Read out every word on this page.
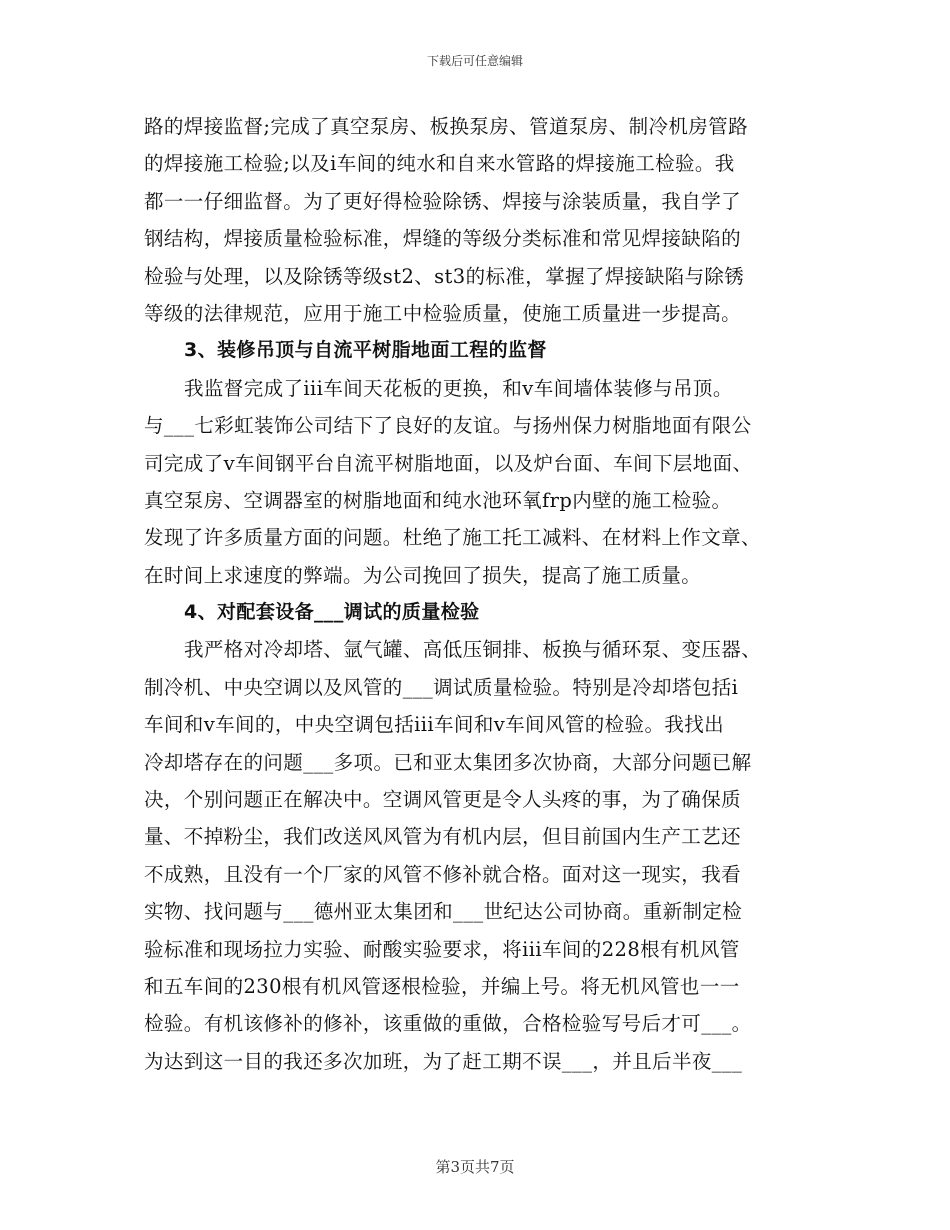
下载后可任意编辑
路的焊接监督;完成了真空泵房、板换泵房、管道泵房、制冷机房管路
的焊接施工检验;以及i车间的纯水和自来水管路的焊接施工检验。我
都一一仔细监督。为了更好得检验除锈、焊接与涂装质量，我自学了
钢结构，焊接质量检验标准，焊缝的等级分类标准和常见焊接缺陷的
检验与处理，以及除锈等级st2、st3的标准，掌握了焊接缺陷与除锈
等级的法律规范，应用于施工中检验质量，使施工质量进一步提高。
3、装修吊顶与自流平树脂地面工程的监督
我监督完成了iii车间天花板的更换，和v车间墙体装修与吊顶。
与___七彩虹装饰公司结下了良好的友谊。与扬州保力树脂地面有限公
司完成了v车间钢平台自流平树脂地面，以及炉台面、车间下层地面、
真空泵房、空调器室的树脂地面和纯水池环氧frp内壁的施工检验。
发现了许多质量方面的问题。杜绝了施工托工减料、在材料上作文章、
在时间上求速度的弊端。为公司挽回了损失，提高了施工质量。
4、对配套设备___调试的质量检验
我严格对冷却塔、氩气罐、高低压铜排、板换与循环泵、变压器、
制冷机、中央空调以及风管的___调试质量检验。特别是冷却塔包括i
车间和v车间的，中央空调包括iii车间和v车间风管的检验。我找出
冷却塔存在的问题___多项。已和亚太集团多次协商，大部分问题已解
决，个别问题正在解决中。空调风管更是令人头疼的事，为了确保质
量、不掉粉尘，我们改送风风管为有机内层，但目前国内生产工艺还
不成熟，且没有一个厂家的风管不修补就合格。面对这一现实，我看
实物、找问题与___德州亚太集团和___世纪达公司协商。重新制定检
验标准和现场拉力实验、耐酸实验要求，将iii车间的228根有机风管
和五车间的230根有机风管逐根检验，并编上号。将无机风管也一一
检验。有机该修补的修补，该重做的重做，合格检验写号后才可___。
为达到这一目的我还多次加班，为了赶工期不误___，并且后半夜___
第3页共7页
